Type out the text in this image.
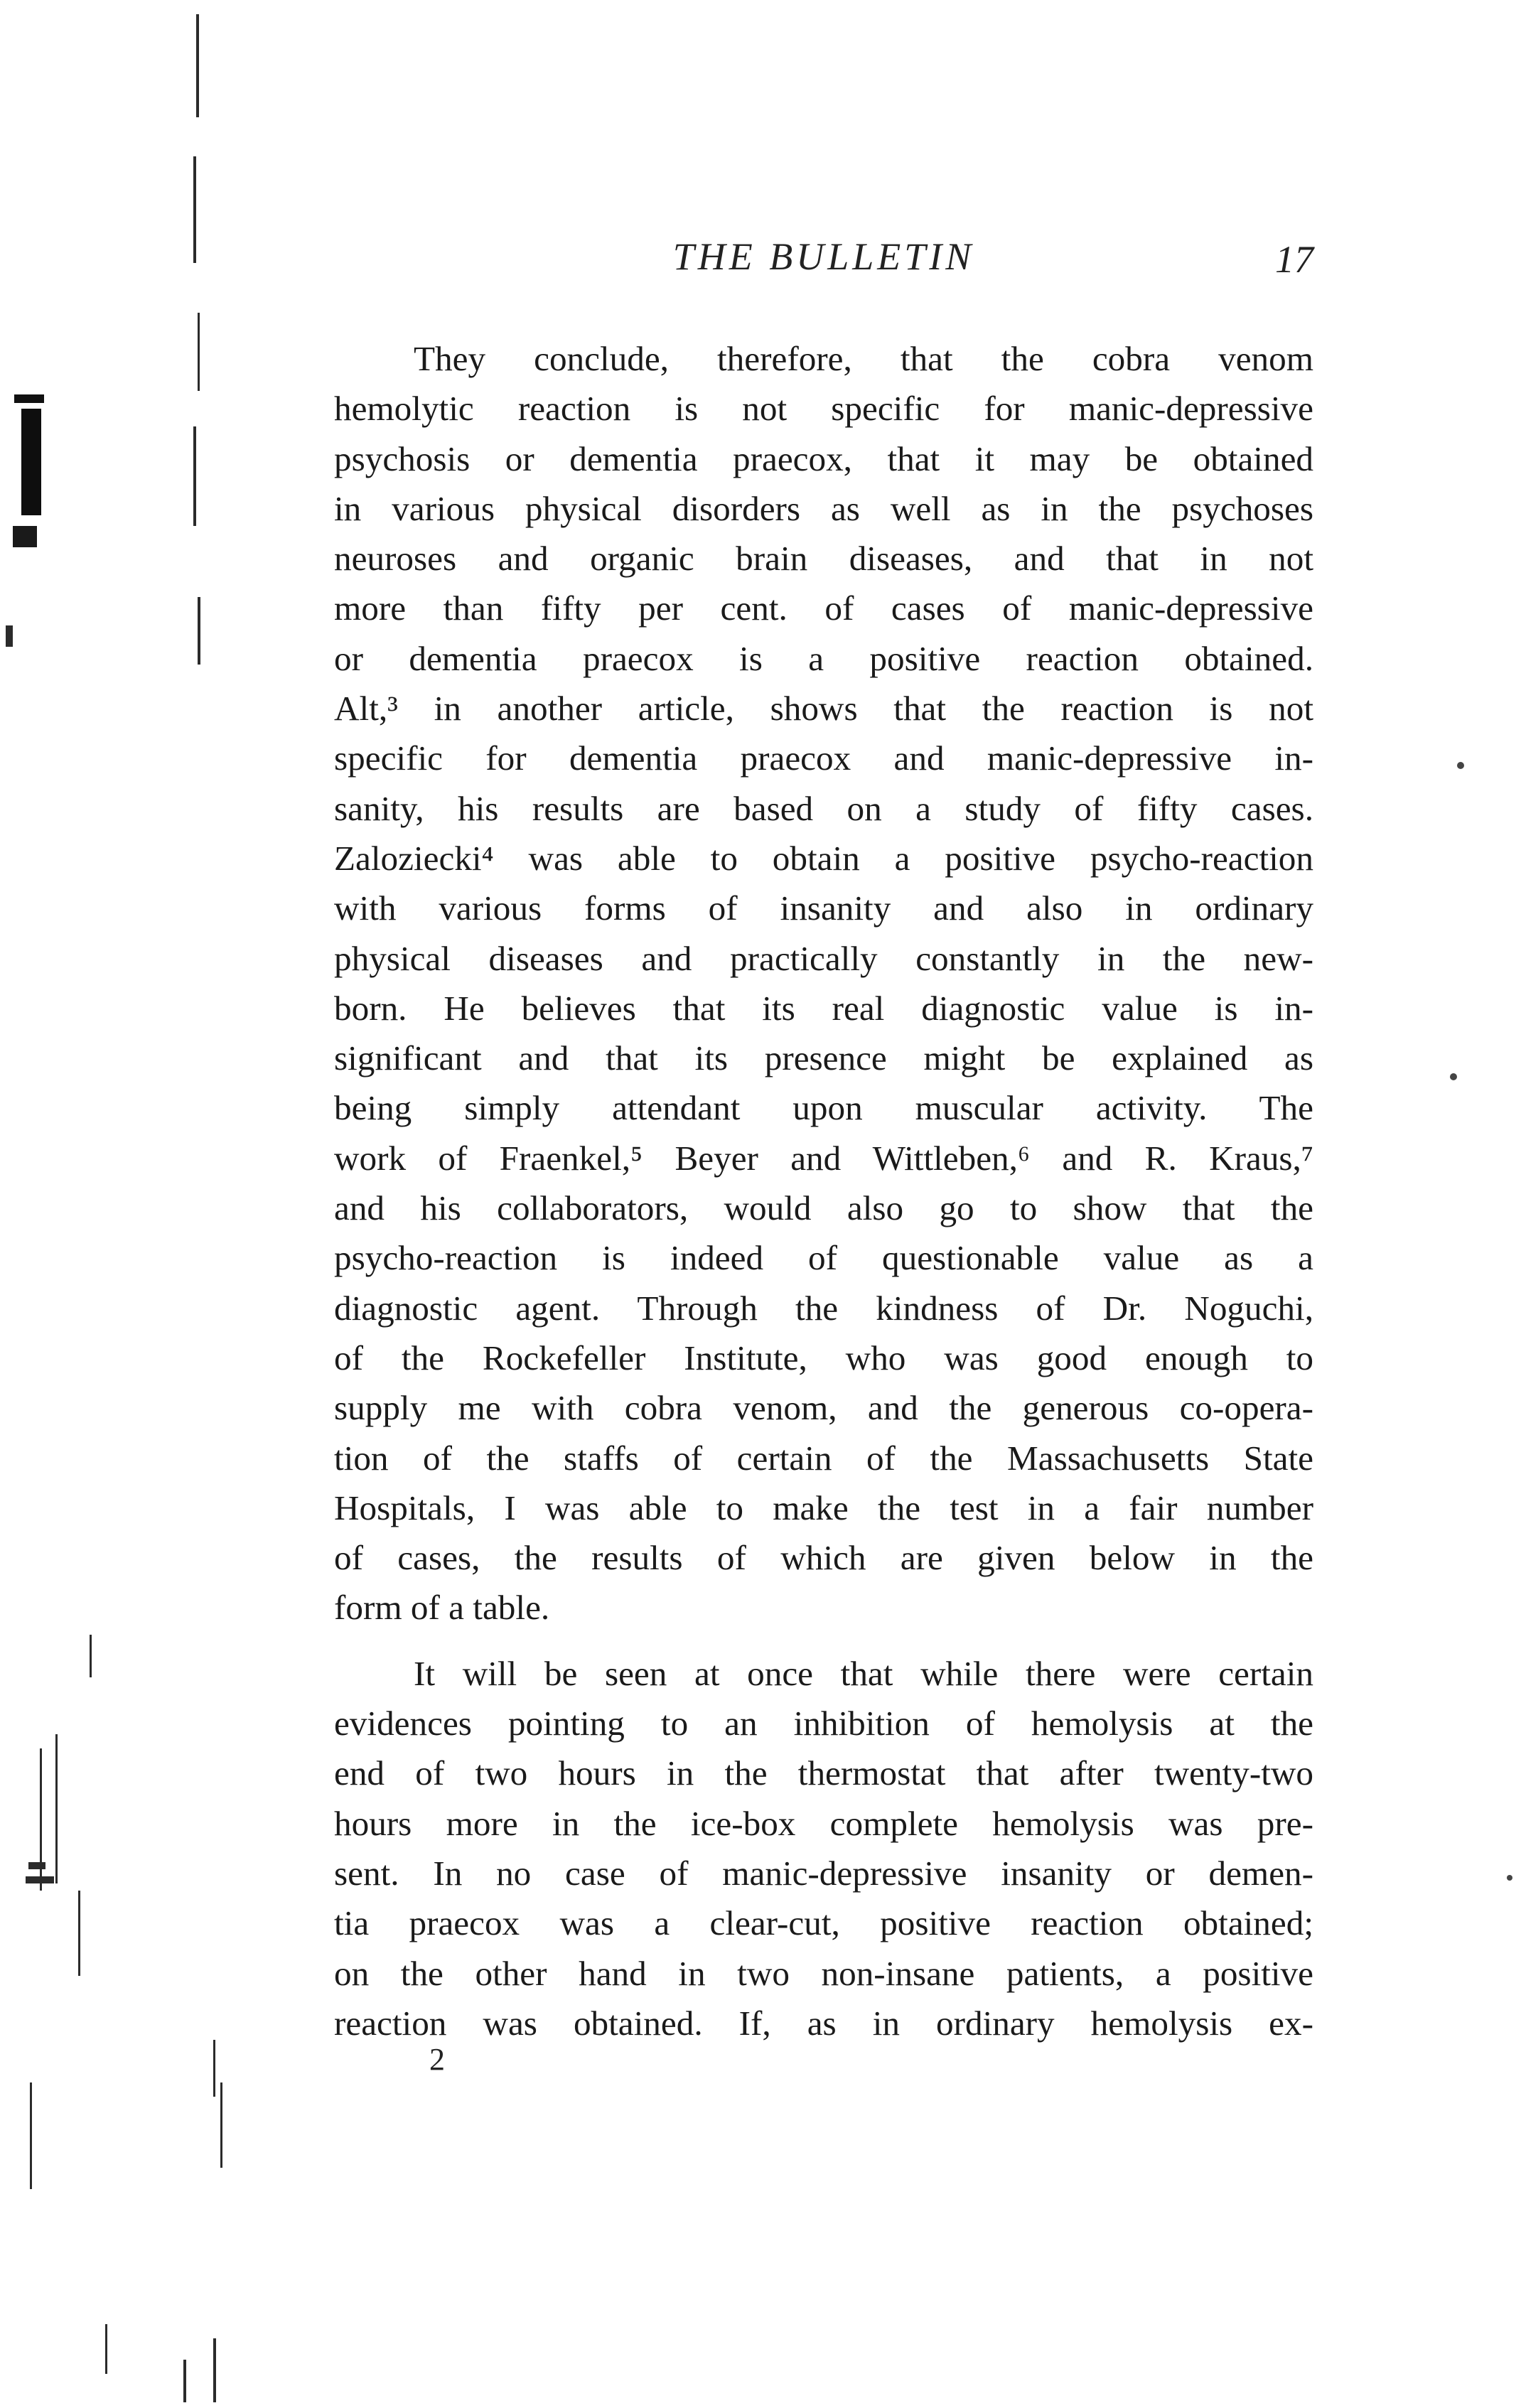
THE BULLETIN	17

They conclude, therefore, that the cobra venom
hemolytic reaction is not specific for manic-depressive
psychosis or dementia praecox, that it may be obtained
in various physical disorders as well as in the psychoses
neuroses and organic brain diseases, and that in not
more than fifty per cent. of cases of manic-depressive
or dementia praecox is a positive reaction obtained.
Alt,³ in another article, shows that the reaction is not
specific for dementia praecox and manic-depressive in-
sanity, his results are based on a study of fifty cases.
Zaloziecki⁴ was able to obtain a positive psycho-reaction
with various forms of insanity and also in ordinary
physical diseases and practically constantly in the new-
born. He believes that its real diagnostic value is in-
significant and that its presence might be explained as
being simply attendant upon muscular activity. The
work of Fraenkel,⁵ Beyer and Wittleben,⁶ and R. Kraus,⁷
and his collaborators, would also go to show that the
psycho-reaction is indeed of questionable value as a
diagnostic agent. Through the kindness of Dr. Noguchi,
of the Rockefeller Institute, who was good enough to
supply me with cobra venom, and the generous co-opera-
tion of the staffs of certain of the Massachusetts State
Hospitals, I was able to make the test in a fair number
of cases, the results of which are given below in the
form of a table.

It will be seen at once that while there were certain
evidences pointing to an inhibition of hemolysis at the
end of two hours in the thermostat that after twenty-two
hours more in the ice-box complete hemolysis was pre-
sent. In no case of manic-depressive insanity or demen-
tia praecox was a clear-cut, positive reaction obtained;
on the other hand in two non-insane patients, a positive
reaction was obtained. If, as in ordinary hemolysis ex-

2
